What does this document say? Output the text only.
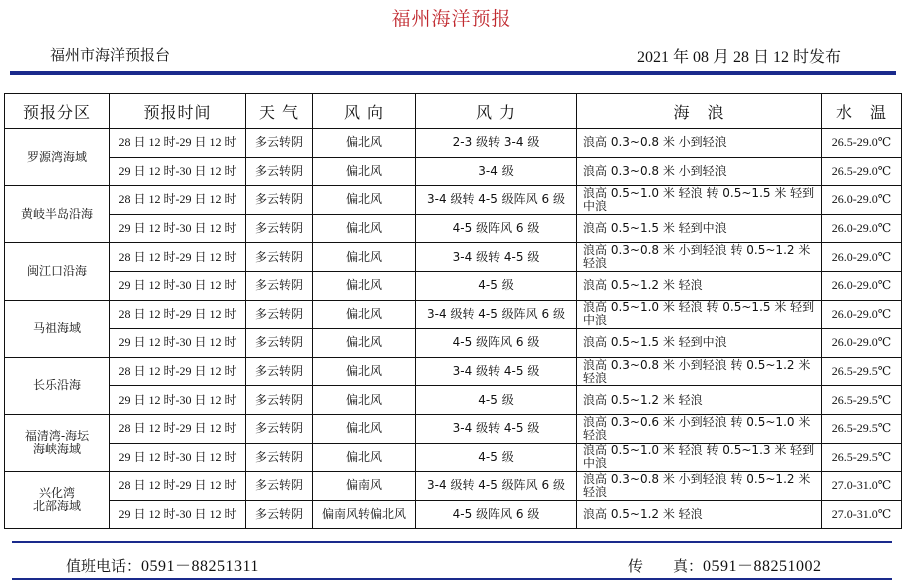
福州海洋预报
福州市海洋预报台	2021 年 08 月 28 日 12 时发布
预报分区	预报时间	天 气	风 向	风 力	海　浪	水　温
罗源湾海域	28 日 12 时-29 日 12 时	多云转阴	偏北风	2-3 级转 3-4 级	浪高 0.3~0.8 米 小到轻浪	26.5-29.0℃
	29 日 12 时-30 日 12 时	多云转阴	偏北风	3-4 级	浪高 0.3~0.8 米 小到轻浪	26.5-29.0℃
黄岐半岛沿海	28 日 12 时-29 日 12 时	多云转阴	偏北风	3-4 级转 4-5 级阵风 6 级	浪高 0.5~1.0 米 轻浪 转 0.5~1.5 米 轻到中浪	26.0-29.0℃
	29 日 12 时-30 日 12 时	多云转阴	偏北风	4-5 级阵风 6 级	浪高 0.5~1.5 米 轻到中浪	26.0-29.0℃
闽江口沿海	28 日 12 时-29 日 12 时	多云转阴	偏北风	3-4 级转 4-5 级	浪高 0.3~0.8 米 小到轻浪 转 0.5~1.2 米 轻浪	26.0-29.0℃
	29 日 12 时-30 日 12 时	多云转阴	偏北风	4-5 级	浪高 0.5~1.2 米 轻浪	26.0-29.0℃
马祖海域	28 日 12 时-29 日 12 时	多云转阴	偏北风	3-4 级转 4-5 级阵风 6 级	浪高 0.5~1.0 米 轻浪 转 0.5~1.5 米 轻到中浪	26.0-29.0℃
	29 日 12 时-30 日 12 时	多云转阴	偏北风	4-5 级阵风 6 级	浪高 0.5~1.5 米 轻到中浪	26.0-29.0℃
长乐沿海	28 日 12 时-29 日 12 时	多云转阴	偏北风	3-4 级转 4-5 级	浪高 0.3~0.8 米 小到轻浪 转 0.5~1.2 米 轻浪	26.5-29.5℃
	29 日 12 时-30 日 12 时	多云转阴	偏北风	4-5 级	浪高 0.5~1.2 米 轻浪	26.5-29.5℃
福清湾-海坛
海峡海域	28 日 12 时-29 日 12 时	多云转阴	偏北风	3-4 级转 4-5 级	浪高 0.3~0.6 米 小到轻浪 转 0.5~1.0 米 轻浪	26.5-29.5℃
	29 日 12 时-30 日 12 时	多云转阴	偏北风	4-5 级	浪高 0.5~1.0 米 轻浪 转 0.5~1.3 米 轻到中浪	26.5-29.5℃
兴化湾
北部海域	28 日 12 时-29 日 12 时	多云转阴	偏南风	3-4 级转 4-5 级阵风 6 级	浪高 0.3~0.8 米 小到轻浪 转 0.5~1.2 米 轻浪	27.0-31.0℃
	29 日 12 时-30 日 12 时	多云转阴	偏南风转偏北风	4-5 级阵风 6 级	浪高 0.5~1.2 米 轻浪	27.0-31.0℃
值班电话：0591－88251311	传　　真：0591－88251002
